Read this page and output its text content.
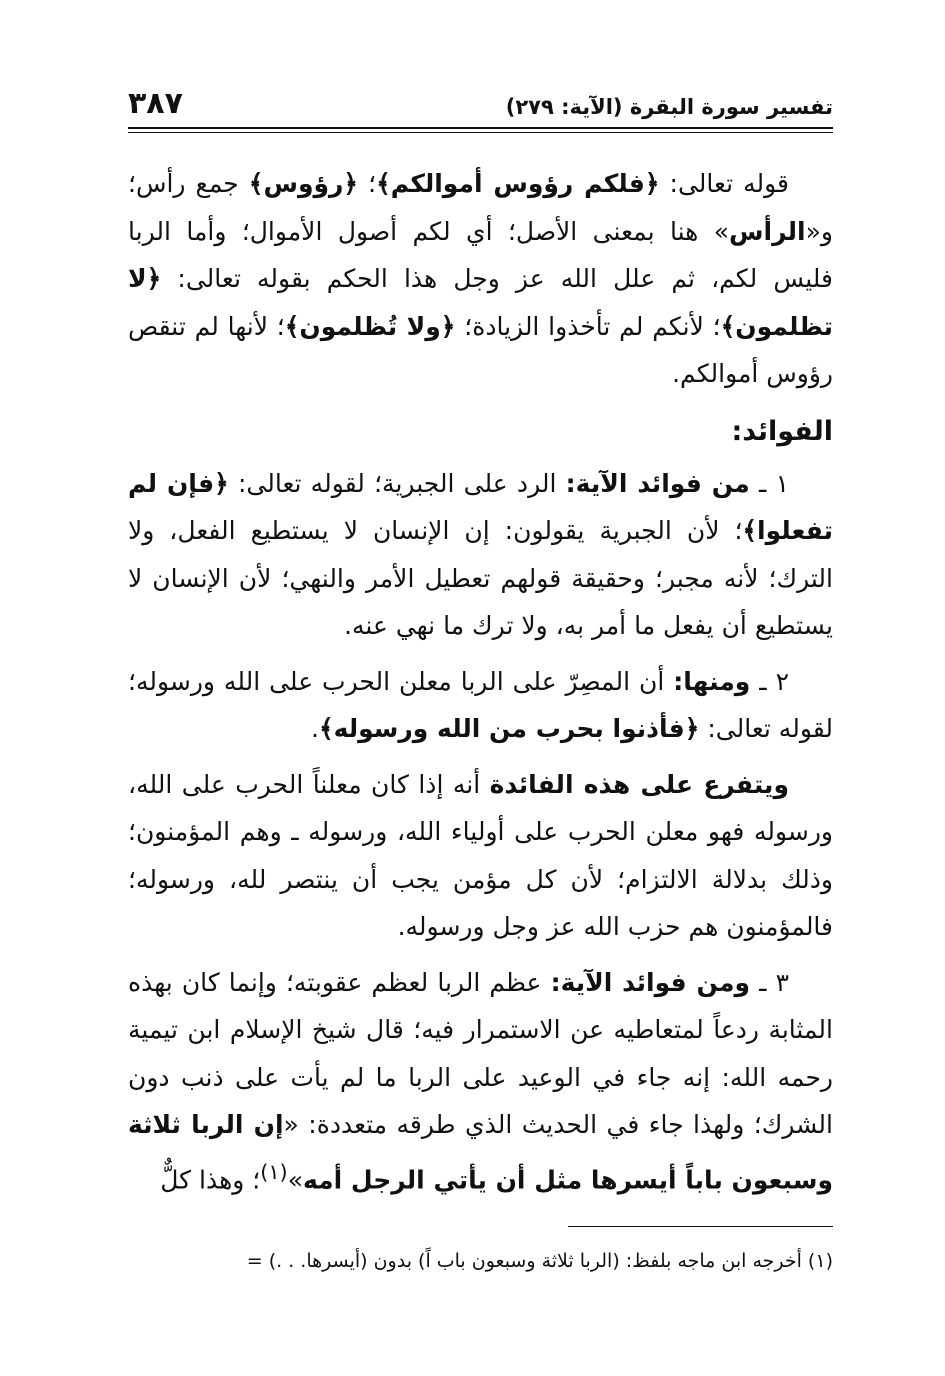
تفسير سورة البقرة (الآية: ٢٧٩)
٣٨٧

قوله تعالى: ﴿فلكم رؤوس أموالكم﴾؛ ﴿رؤوس﴾ جمع رأس؛ و«الرأس» هنا بمعنى الأصل؛ أي لكم أصول الأموال؛ وأما الربا فليس لكم، ثم علل الله عز وجل هذا الحكم بقوله تعالى: ﴿لا تظلمون﴾؛ لأنكم لم تأخذوا الزيادة؛ ﴿ولا تُظلمون﴾؛ لأنها لم تنقص رؤوس أموالكم.

الفوائد:

١ ـ من فوائد الآية: الرد على الجبرية؛ لقوله تعالى: ﴿فإن لم تفعلوا﴾؛ لأن الجبرية يقولون: إن الإنسان لا يستطيع الفعل، ولا الترك؛ لأنه مجبر؛ وحقيقة قولهم تعطيل الأمر والنهي؛ لأن الإنسان لا يستطيع أن يفعل ما أمر به، ولا ترك ما نهي عنه.

٢ ـ ومنها: أن المصِرّ على الربا معلن الحرب على الله ورسوله؛ لقوله تعالى: ﴿فأذنوا بحرب من الله ورسوله﴾.

ويتفرع على هذه الفائدة أنه إذا كان معلناً الحرب على الله، ورسوله فهو معلن الحرب على أولياء الله، ورسوله ـ وهم المؤمنون؛ وذلك بدلالة الالتزام؛ لأن كل مؤمن يجب أن ينتصر لله، ورسوله؛ فالمؤمنون هم حزب الله عز وجل ورسوله.

٣ ـ ومن فوائد الآية: عظم الربا لعظم عقوبته؛ وإنما كان بهذه المثابة ردعاً لمتعاطيه عن الاستمرار فيه؛ قال شيخ الإسلام ابن تيمية رحمه الله: إنه جاء في الوعيد على الربا ما لم يأت على ذنب دون الشرك؛ ولهذا جاء في الحديث الذي طرقه متعددة: «إن الربا ثلاثة وسبعون باباً أيسرها مثل أن يأتي الرجل أمه»$^{(١)}$؛ وهذا كلٌّ

(١) أخرجه ابن ماجه بلفظ: (الربا ثلاثة وسبعون باب اً) بدون (أيسرها. . .) =
